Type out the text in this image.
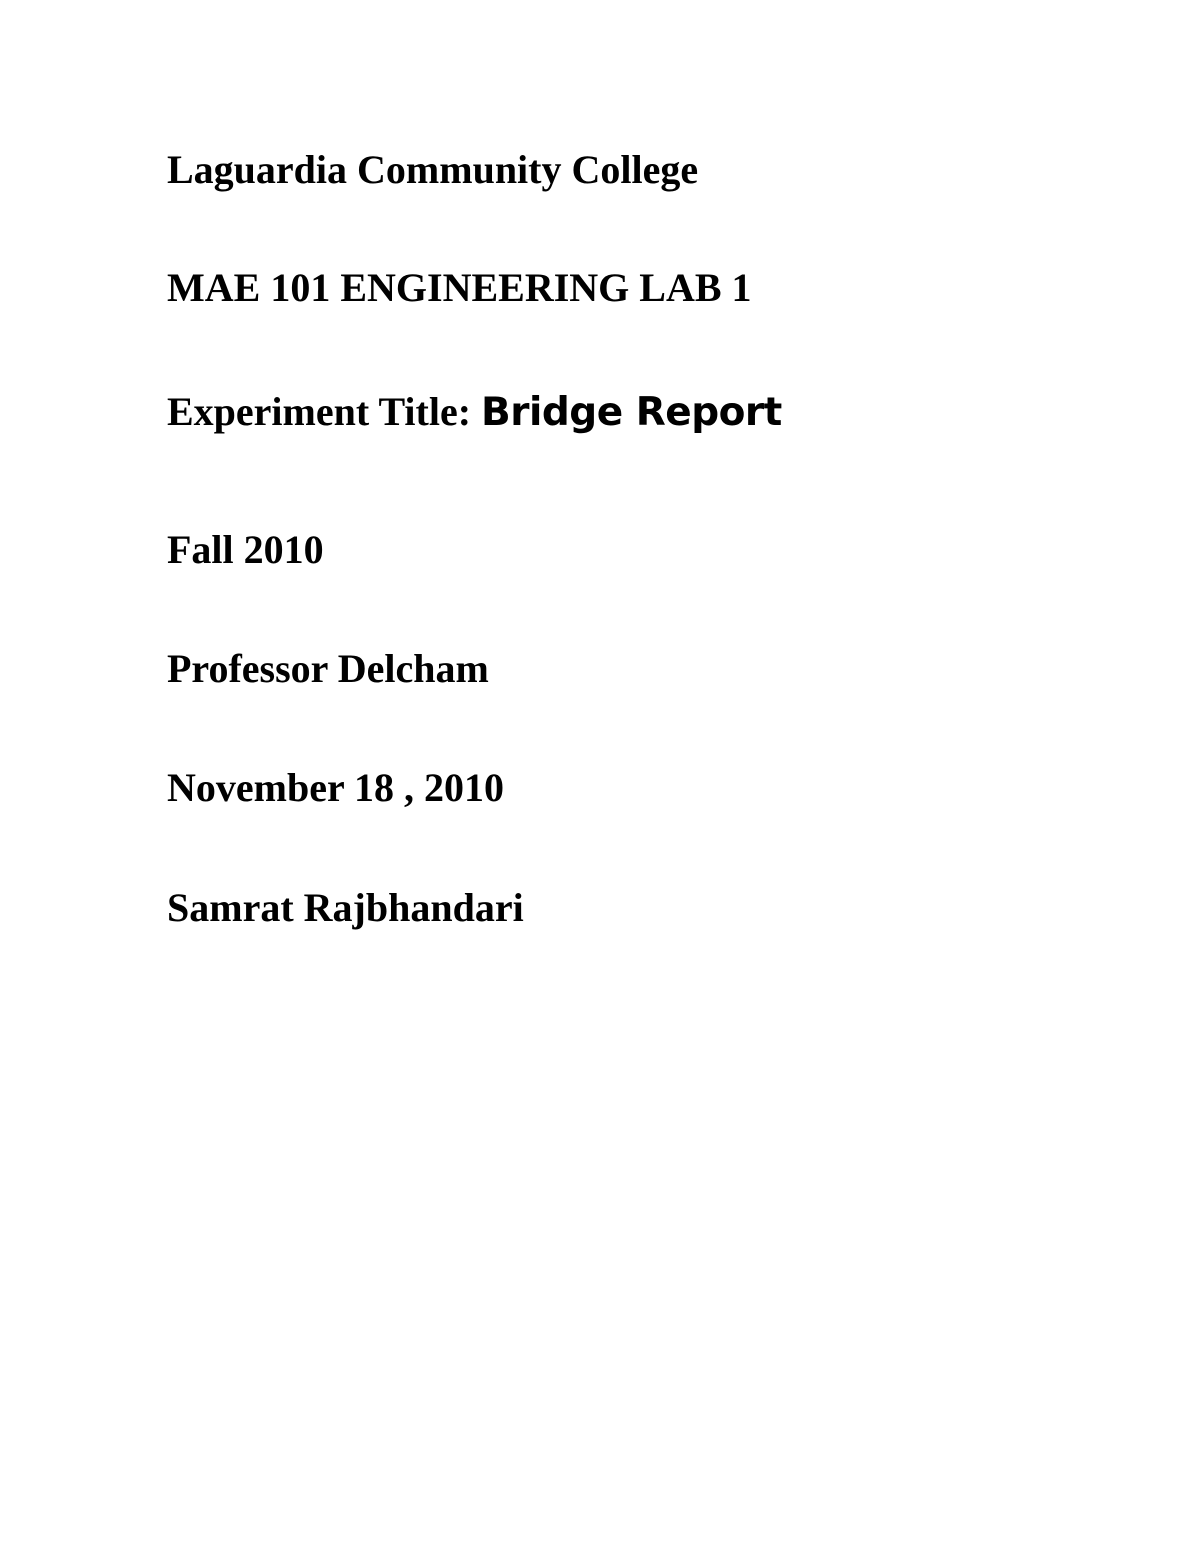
Laguardia Community College

MAE 101 ENGINEERING LAB 1

Experiment Title: Bridge Report

Fall 2010

Professor Delcham

November 18 , 2010

Samrat Rajbhandari
